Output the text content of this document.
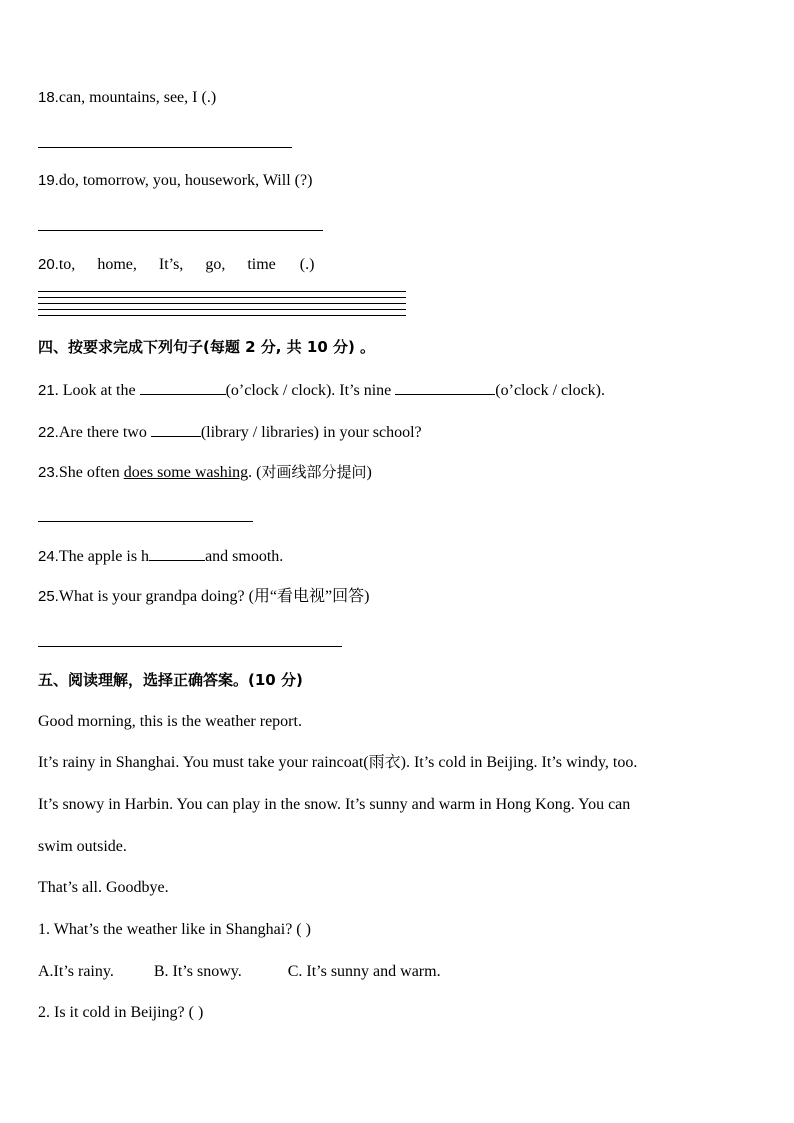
18.can, mountains, see, I (.)
19.do, tomorrow, you, housework, Will (?)
20.to, home, It’s, go, time (.)
四、按要求完成下列句子(每题 2 分, 共 10 分) 。
21. Look at the	(o’clock / clock). It’s nine	(o’clock / clock).
22.Are there two	(library / libraries) in your school?
23.She often does some washing. (对画线部分提问)
24.The apple is h	and smooth.
25.What is your grandpa doing? (用“看电视”回答)
五、阅读理解，选择正确答案。(10 分)
Good morning, this is the weather report.
It’s rainy in Shanghai. You must take your raincoat(雨衣). It’s cold in Beijing. It’s windy, too.
It’s snowy in Harbin. You can play in the snow. It’s sunny and warm in Hong Kong. You can
swim outside.
That’s all. Goodbye.
1. What’s the weather like in Shanghai? ( )
A.It’s rainy.	B. It’s snowy.	C. It’s sunny and warm.
2. Is it cold in Beijing? ( )
